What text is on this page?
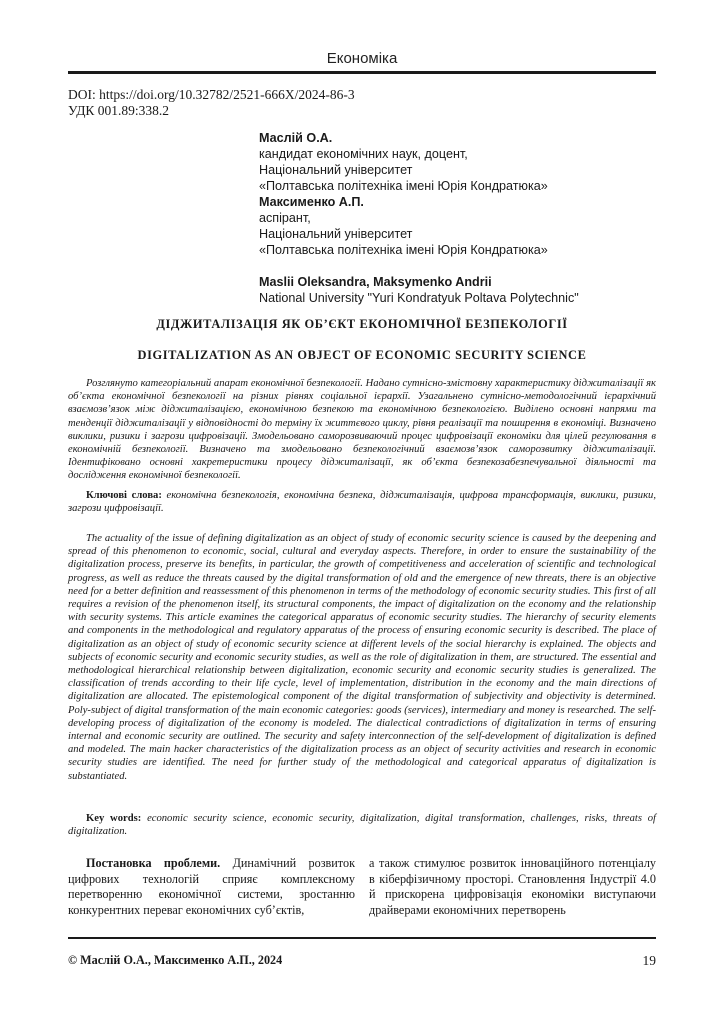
Економіка
DOI: https://doi.org/10.32782/2521-666X/2024-86-3
УДК 001.89:338.2
Маслій О.А.
кандидат економічних наук, доцент,
Національний університет
«Полтавська політехніка імені Юрія Кондратюка»
Максименко А.П.
аспірант,
Національний університет
«Полтавська політехніка імені Юрія Кондратюка»
Maslii Oleksandra, Maksymenko Andrii
National University "Yuri Kondratyuk Poltava Polytechnic"
ДІДЖИТАЛІЗАЦІЯ ЯК ОБ’ЄКТ ЕКОНОМІЧНОЇ БЕЗПЕКОЛОГІЇ
DIGITALIZATION AS AN OBJECT OF ECONOMIC SECURITY SCIENCE

Розглянуто категоріальний апарат економічної безпекології. Надано сутнісно-змістовну характеристику діджиталізації як об’єкта економічної безпекології на різних рівнях соціальної ієрархії. Узагальнено сутнісно-методологічний ієрархічний взаємозв’язок між діджиталізацією, економічною безпекою та економічною безпекологією. Виділено основні напрями та тенденції діджиталізації у відповідності до терміну їх життєвого циклу, рівня реалізації та поширення в економіці. Визначено виклики, ризики і загрози цифровізації. Змодельовано саморозвиваючий процес цифровізації економіки для цілей регулювання в економічній безпекології. Визначено та змодельовано безпекологічний взаємозв’язок саморозвитку діджиталізації. Ідентифіковано основні хакретеристики процесу діджиталізації, як об’єкта безпекозабезпечувальної діяльності та дослідження економічної безпекології.

Ключові слова: економічна безпекологія, економічна безпека, діджиталізація, цифрова трансформація, виклики, ризики, загрози цифровізації.

The actuality of the issue of defining digitalization as an object of study of economic security science is caused by the deepening and spread of this phenomenon to economic, social, cultural and everyday aspects. Therefore, in order to ensure the sustainability of the digitalization process, preserve its benefits, in particular, the growth of competitiveness and acceleration of scientific and technological progress, as well as reduce the threats caused by the digital transformation of old and the emergence of new threats, there is an objective need for a better definition and reassessment of this phenomenon in terms of the methodology of economic security studies. This first of all requires a revision of the phenomenon itself, its structural components, the impact of digitalization on the economy and the relationship with security systems. This article examines the categorical apparatus of economic security studies. The hierarchy of security elements and components in the methodological and regulatory apparatus of the process of ensuring economic security is described. The place of digitalization as an object of study of economic security science at different levels of the social hierarchy is explained. The objects and subjects of economic security and economic security studies, as well as the role of digitalization in them, are structured. The essential and methodological hierarchical relationship between digitalization, economic security and economic security studies is generalized. The classification of trends according to their life cycle, level of implementation, distribution in the economy and the main directions of digitalization are allocated. The epistemological component of the digital transformation of subjectivity and objectivity is determined. Poly-subject of digital transformation of the main economic categories: goods (services), intermediary and money is researched. The self-developing process of digitalization of the economy is modeled. The dialectical contradictions of digitalization in terms of ensuring internal and economic security are outlined. The security and safety interconnection of the self-development of digitalization is defined and modeled. The main hacker characteristics of the digitalization process as an object of security activities and research in economic security studies are identified. The need for further study of the methodological and categorical apparatus of digitalization is substantiated.

Key words: economic security science, economic security, digitalization, digital transformation, challenges, risks, threats of digitalization.

Постановка проблеми. Динамічний розвиток цифрових технологій сприяє комплексному перетворенню економічної системи, зростанню конкурентних переваг економічних суб’єктів,

а також стимулює розвиток інноваційного потенціалу в кіберфізичному просторі. Становлення Індустрії 4.0 й прискорена цифровізація економіки виступаючи драйверами економічних перетворень

© Маслій О.А., Максименко А.П., 2024	19
